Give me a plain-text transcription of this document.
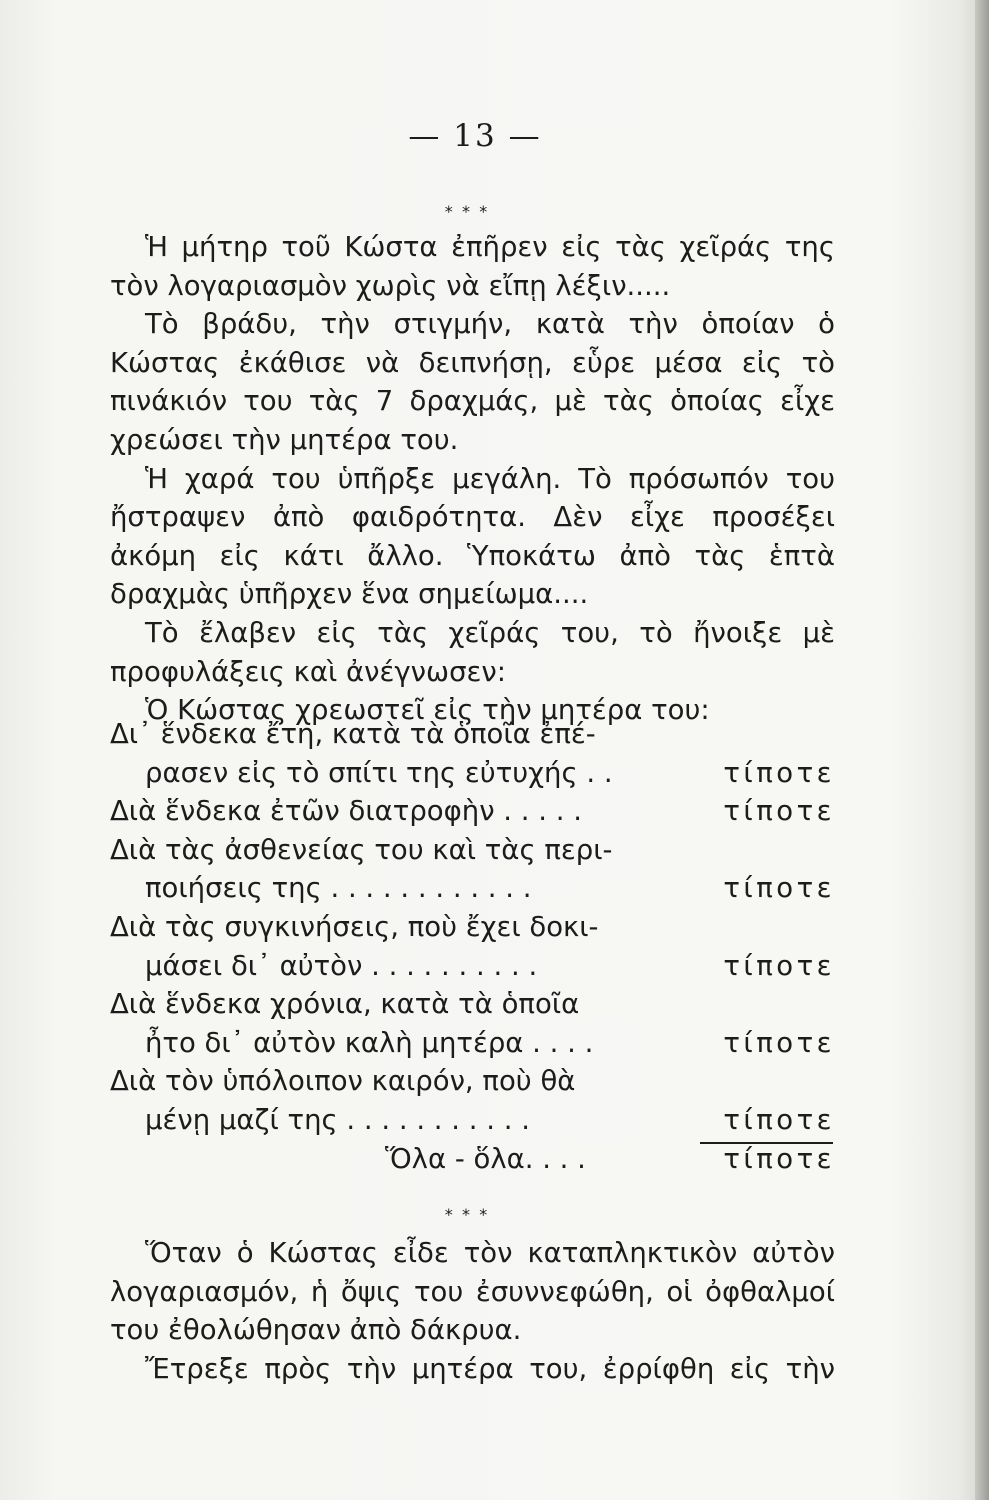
— 13 —
* * *

Ἡ μήτηρ τοῦ Κώστα ἐπῆρεν εἰς τὰς χεῖράς της

τὸν λογαριασμὸν χωρὶς νὰ εἴπῃ λέξιν.....

Τὸ βράδυ, τὴν στιγμήν, κατὰ τὴν ὁποίαν ὁ Κώστας ἐκάθισε νὰ δειπνήσῃ, εὗρε μέσα εἰς τὸ πινάκιόν του τὰς 7 δραχμάς, μὲ τὰς ὁποίας εἶχε χρεώσει τὴν μητέρα του.

Ἡ χαρά του ὑπῆρξε μεγάλη. Τὸ πρόσωπόν του ἤστραψεν ἀπὸ φαιδρότητα. Δὲν εἶχε προσέξει ἀκόμη εἰς κάτι ἄλλο. Ὑποκάτω ἀπὸ τὰς ἑπτὰ δραχμὰς ὑπῆρχεν ἕνα σημείωμα....

Τὸ ἔλαβεν εἰς τὰς χεῖράς του, τὸ ἤνοιξε μὲ προφυλάξεις καὶ ἀνέγνωσεν:

Ὁ Κώστας χρεωστεῖ εἰς τὴν μητέρα του:

Δι᾿ ἕνδεκα ἔτη, κατὰ τὰ ὁποῖα ἐπέ-
ρασεν εἰς τὸ σπίτι της εὐτυχής . .	τίποτε
Διὰ ἕνδεκα ἐτῶν διατροφὴν . . . . .	τίποτε
Διὰ τὰς ἀσθενείας του καὶ τὰς περι-
ποιήσεις της . . . . . . . . . . . .	τίποτε
Διὰ τὰς συγκινήσεις, ποὺ ἔχει δοκι-
μάσει δι᾿ αὐτὸν . . . . . . . . . .	τίποτε
Διὰ ἕνδεκα χρόνια, κατὰ τὰ ὁποῖα
ἦτο δι᾿ αὐτὸν καλὴ μητέρα . . . .	τίποτε
Διὰ τὸν ὑπόλοιπον καιρόν, ποὺ θὰ
μένῃ μαζί της . . . . . . . . . . .	τίποτε
Ὅλα - ὅλα. . . .	τίποτε
* * *

Ὅταν ὁ Κώστας εἶδε τὸν καταπληκτικὸν αὐτὸν λογαριασμόν, ἡ ὄψις του ἐσυννεφώθη, οἱ ὀφθαλμοί του ἐθολώθησαν ἀπὸ δάκρυα.

Ἔτρεξε πρὸς τὴν μητέρα του, ἐρρίφθη εἰς τὴν
